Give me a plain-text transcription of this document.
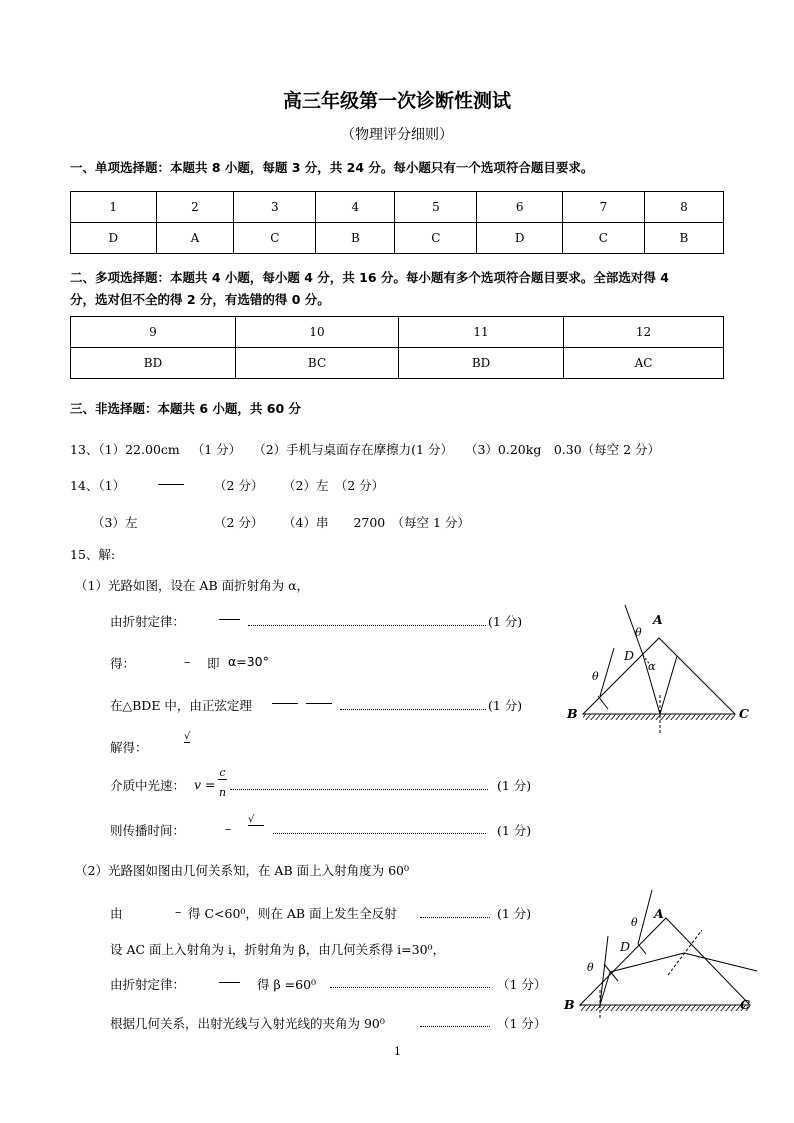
高三年级第一次诊断性测试
（物理评分细则）
一、单项选择题：本题共 8 小题，每题 3 分，共 24 分。每小题只有一个选项符合题目要求。
1	2	3	4	5	6	7	8
D	A	C	B	C	D	C	B
二、多项选择题：本题共 4 小题，每小题 4 分，共 16 分。每小题有多个选项符合题目要求。全部选对得 4
分，选对但不全的得 2 分，有选错的得 0 分。
9	10	11	12
BD	BC	BD	AC
三、非选择题：本题共 6 小题，共 60 分
13、（1）22.00cm （1 分） （2）手机与桌面存在摩擦力(1 分） （3）0.20kg　0.30（每空 2 分）
14、（1）	（2 分） （2）左　（2 分）
（3）左	（2 分） （4）串　　2700　（每空 1 分）
15、解:
（1）光路如图，设在 AB 面折射角为 α，
由折射定律：	(1 分)
得：	– 即 α=30°
在△BDE 中，由正弦定理	(1 分)
解得：
√
介质中光速： v =
c
n	(1 分)
则传播时间：	–
√
(1 分)
（2）光路图如图由几何关系知，在 AB 面上入射角度为 60⁰
由	– 得 C<60⁰，则在 AB 面上发生全反射	(1 分)
设 AC 面上入射角为 i，折射角为 β，由几何关系得 i=30⁰，
由折射定律：	得 β =60⁰	（1 分）
根据几何关系，出射光线与入射光线的夹角为 90⁰	（1 分）
A
B	C
D
θ
θ
α
A
B	C
D
θ
θ
1
